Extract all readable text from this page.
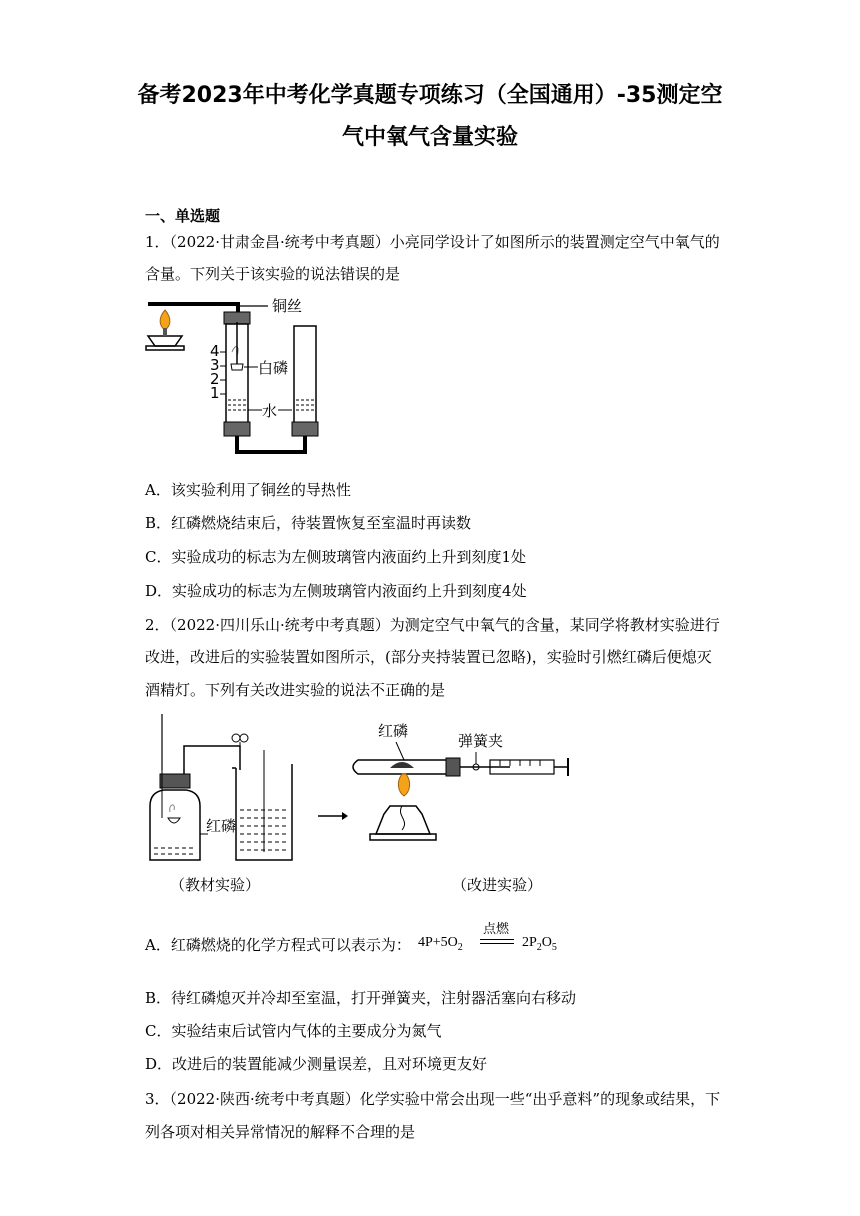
备考2023年中考化学真题专项练习（全国通用）-35测定空
气中氧气含量实验
一、单选题
1．（2022·甘肃金昌·统考中考真题）小亮同学设计了如图所示的装置测定空气中氧气的
含量。下列关于该实验的说法错误的是
铜丝
4
3
2
1
白磷
水
A．该实验利用了铜丝的导热性
B．红磷燃烧结束后，待装置恢复至室温时再读数
C．实验成功的标志为左侧玻璃管内液面约上升到刻度1处
D．实验成功的标志为左侧玻璃管内液面约上升到刻度4处
2．（2022·四川乐山·统考中考真题）为测定空气中氧气的含量，某同学将教材实验进行
改进，改进后的实验装置如图所示，(部分夹持装置已忽略)，实验时引燃红磷后便熄灭
酒精灯。下列有关改进实验的说法不正确的是
红磷
红磷
弹簧夹
（教材实验）	（改进实验）
A．红磷燃烧的化学方程式可以表示为： $4P+5O_2$
点燃
$2P_2O_5$
B．待红磷熄灭并冷却至室温，打开弹簧夹，注射器活塞向右移动
C．实验结束后试管内气体的主要成分为氮气
D．改进后的装置能减少测量误差，且对环境更友好
3．（2022·陕西·统考中考真题）化学实验中常会出现一些“出乎意料”的现象或结果，下
列各项对相关异常情况的解释不合理的是
